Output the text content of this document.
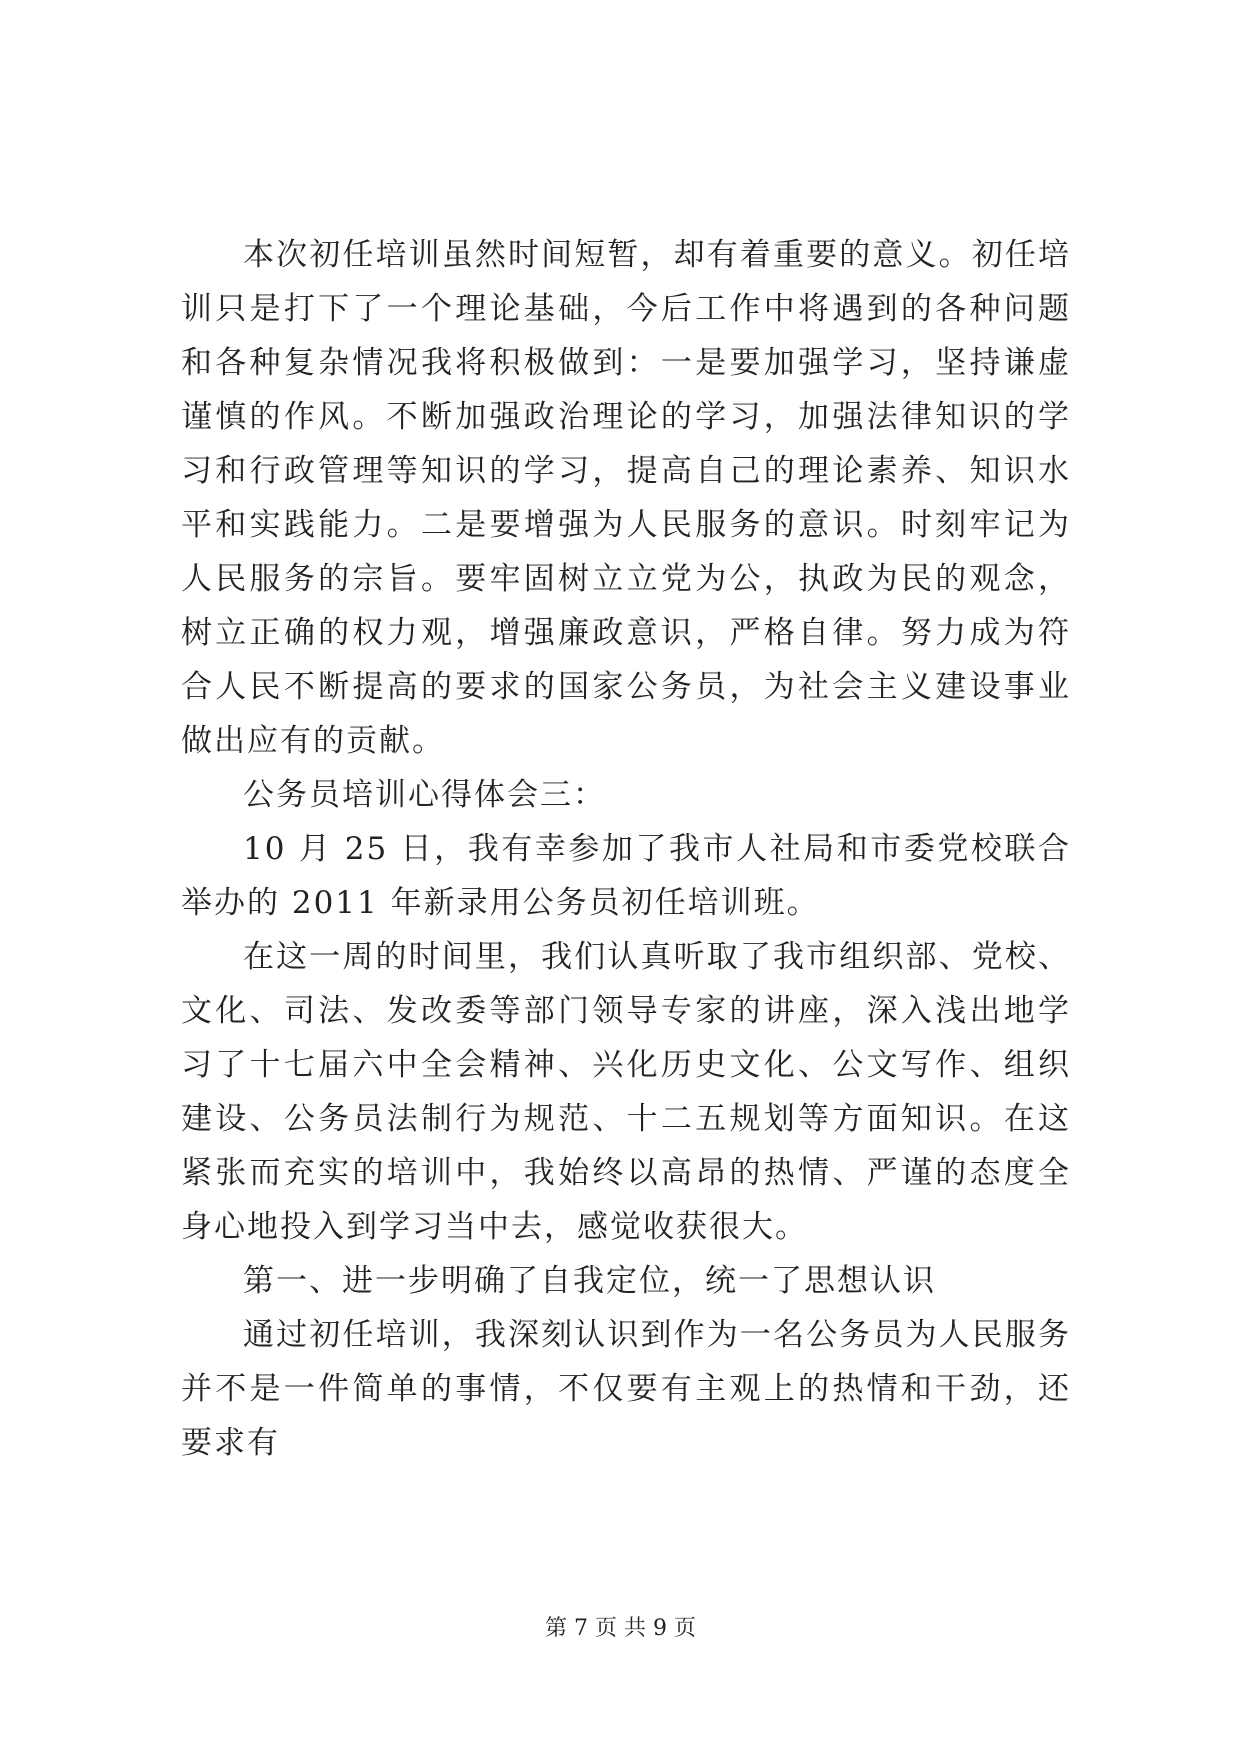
本次初任培训虽然时间短暂，却有着重要的意义。初任培训只是打下了一个理论基础，今后工作中将遇到的各种问题和各种复杂情况我将积极做到：一是要加强学习，坚持谦虚谨慎的作风。不断加强政治理论的学习，加强法律知识的学习和行政管理等知识的学习，提高自己的理论素养、知识水平和实践能力。二是要增强为人民服务的意识。时刻牢记为人民服务的宗旨。要牢固树立立党为公，执政为民的观念，树立正确的权力观，增强廉政意识，严格自律。努力成为符合人民不断提高的要求的国家公务员，为社会主义建设事业做出应有的贡献。

公务员培训心得体会三：

10 月 25 日，我有幸参加了我市人社局和市委党校联合举办的 2011 年新录用公务员初任培训班。

在这一周的时间里，我们认真听取了我市组织部、党校、文化、司法、发改委等部门领导专家的讲座，深入浅出地学习了十七届六中全会精神、兴化历史文化、公文写作、组织建设、公务员法制行为规范、十二五规划等方面知识。在这紧张而充实的培训中，我始终以高昂的热情、严谨的态度全身心地投入到学习当中去，感觉收获很大。

第一、进一步明确了自我定位，统一了思想认识

通过初任培训，我深刻认识到作为一名公务员为人民服务并不是一件简单的事情，不仅要有主观上的热情和干劲，还要求有

第 7 页 共 9 页
